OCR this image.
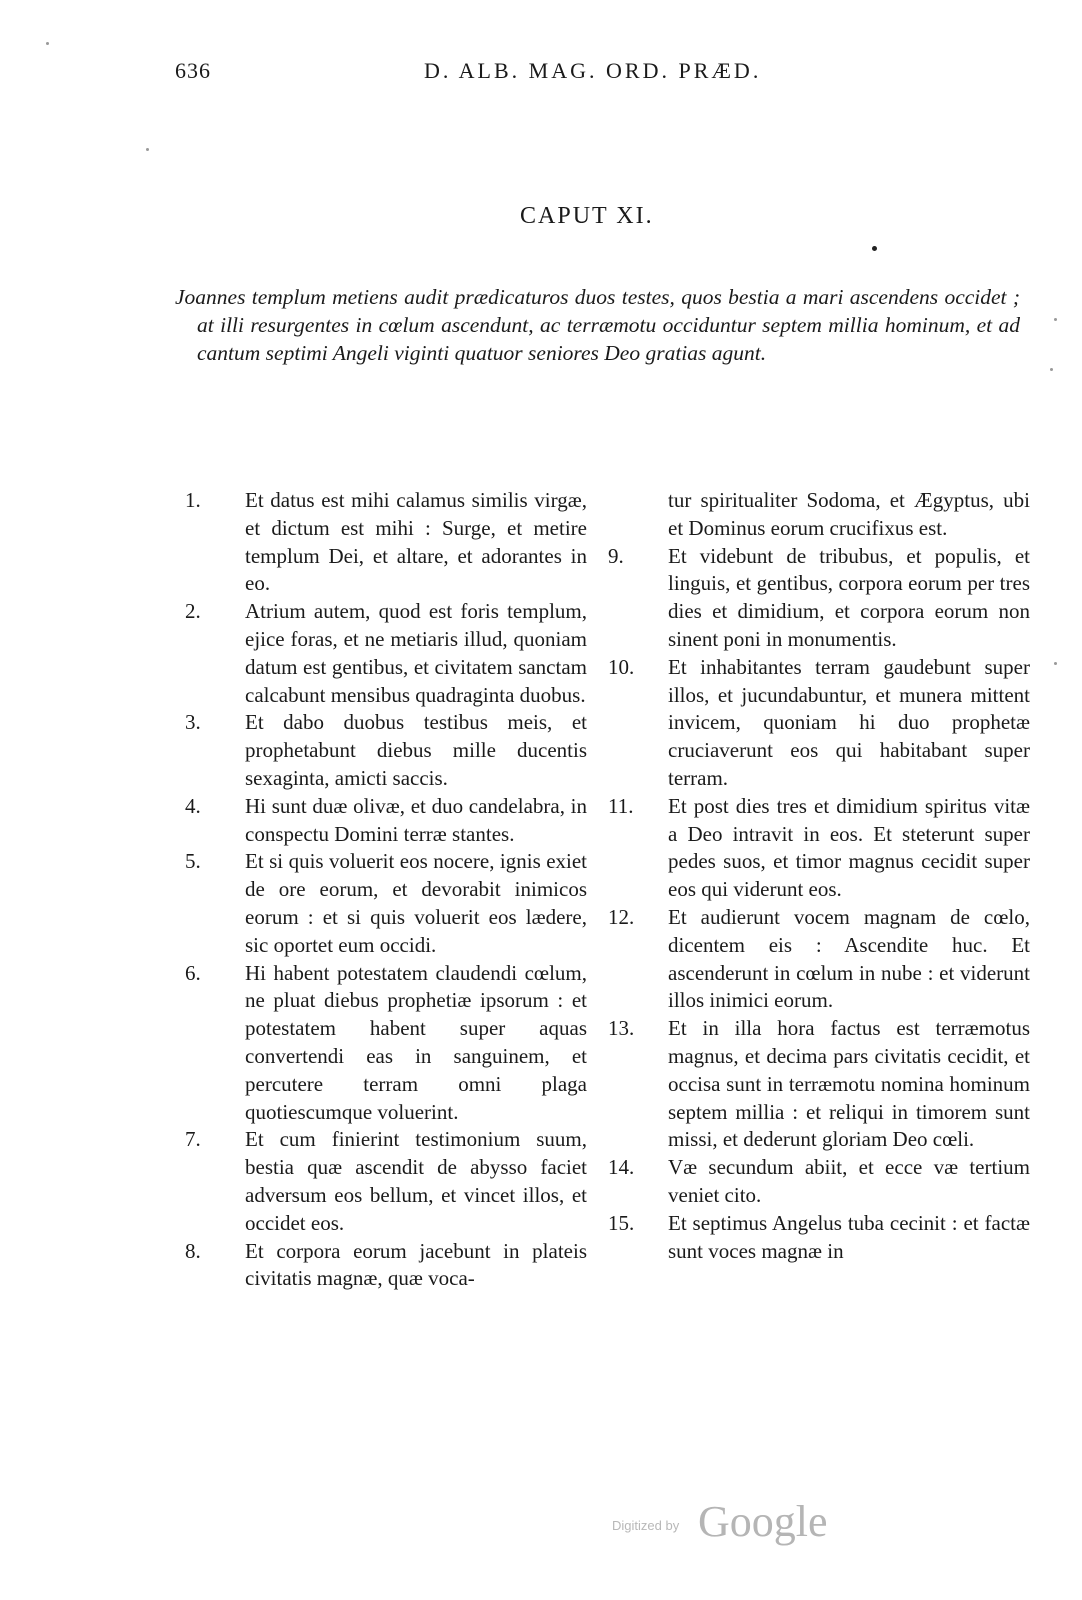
636	D. ALB. MAG. ORD. PRÆD.
CAPUT XI.
Joannes templum metiens audit prædicaturos duos testes, quos bestia a mari ascendens occidet ; at illi resurgentes in cœlum ascendunt, ac terræmotu occiduntur septem millia hominum, et ad cantum septimi Angeli viginti quatuor seniores Deo gratias agunt.
1. Et datus est mihi calamus similis virgæ, et dictum est mihi : Surge, et metire templum Dei, et altare, et adorantes in eo.
2. Atrium autem, quod est foris templum, ejice foras, et ne metiaris illud, quoniam datum est gentibus, et civitatem sanctam calcabunt mensibus quadraginta duobus.
3. Et dabo duobus testibus meis, et prophetabunt diebus mille ducentis sexaginta, amicti saccis.
4. Hi sunt duæ olivæ, et duo candelabra, in conspectu Domini terræ stantes.
5. Et si quis voluerit eos nocere, ignis exiet de ore eorum, et devorabit inimicos eorum : et si quis voluerit eos lædere, sic oportet eum occidi.
6. Hi habent potestatem claudendi cœlum, ne pluat diebus prophetiæ ipsorum : et potestatem habent super aquas convertendi eas in sanguinem, et percutere terram omni plaga quotiescumque voluerint.
7. Et cum finierint testimonium suum, bestia quæ ascendit de abysso faciet adversum eos bellum, et vincet illos, et occidet eos.
8. Et corpora eorum jacebunt in plateis civitatis magnæ, quæ voca-
tur spiritualiter Sodoma, et Ægyptus, ubi et Dominus eorum crucifixus est.
9. Et videbunt de tribubus, et populis, et linguis, et gentibus, corpora eorum per tres dies et dimidium, et corpora eorum non sinent poni in monumentis.
10. Et inhabitantes terram gaudebunt super illos, et jucundabuntur, et munera mittent invicem, quoniam hi duo prophetæ cruciaverunt eos qui habitabant super terram.
11. Et post dies tres et dimidium spiritus vitæ a Deo intravit in eos. Et steterunt super pedes suos, et timor magnus cecidit super eos qui viderunt eos.
12. Et audierunt vocem magnam de cœlo, dicentem eis : Ascendite huc. Et ascenderunt in cœlum in nube : et viderunt illos inimici eorum.
13. Et in illa hora factus est terræmotus magnus, et decima pars civitatis cecidit, et occisa sunt in terræmotu nomina hominum septem millia : et reliqui in timorem sunt missi, et dederunt gloriam Deo cœli.
14. Væ secundum abiit, et ecce væ tertium veniet cito.
15. Et septimus Angelus tuba cecinit : et factæ sunt voces magnæ in
Digitized by Google
